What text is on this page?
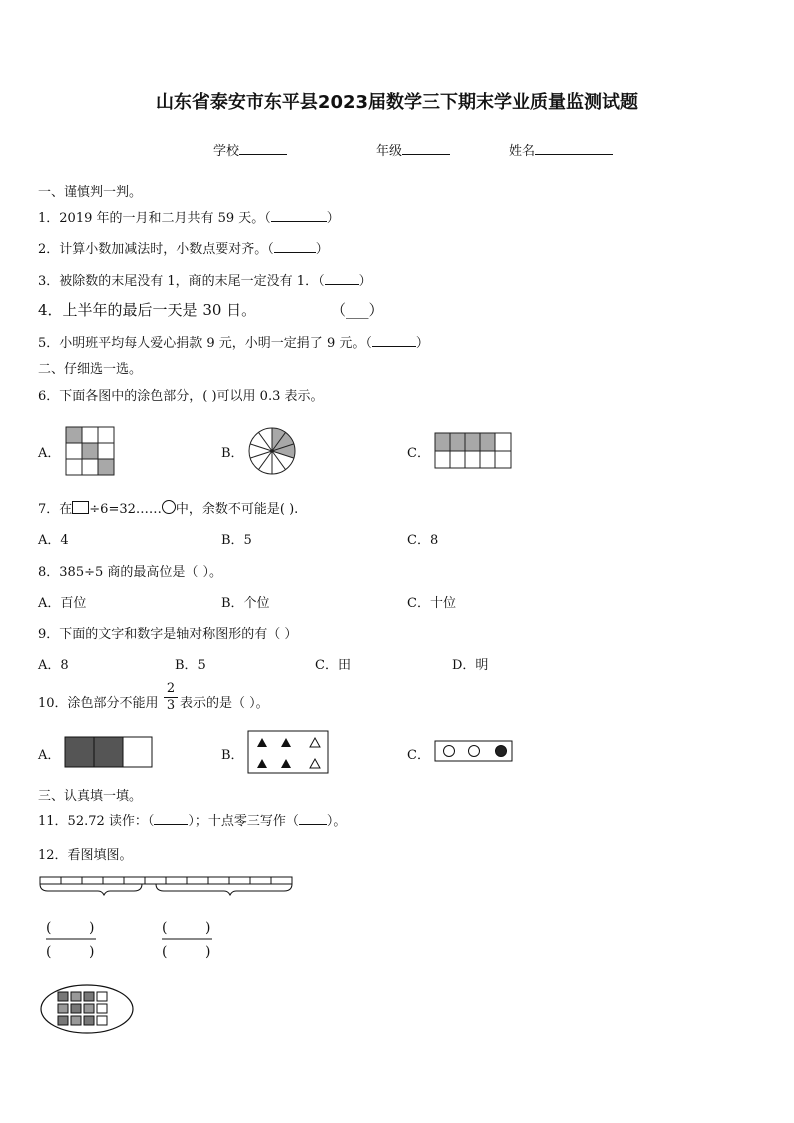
山东省泰安市东平县2023届数学三下期末学业质量监测试题
学校	年级	姓名
一、谨慎判一判。
1．2019 年的一月和二月共有 59 天。（	）
2．计算小数加减法时，小数点要对齐。（	）
3．被除数的末尾没有 1，商的末尾一定没有 1．（	）
4．上半年的最后一天是 30 日。	（___）
5．小明班平均每人爱心捐款 9 元，小明一定捐了 9 元。（	）
二、仔细选一选。
6．下面各图中的涂色部分，( )可以用 0.3 表示。
A．	B．	C．
7．在 ÷6=32…… 中，余数不可能是( ).
A．4	B．5	C．8
8．385÷5 商的最高位是（ ）。
A．百位	B．个位	C．十位
9．下面的文字和数字是轴对称图形的有（ ）
A．8	B．5	C．田	D．明
10．涂色部分不能用 $\frac{2}{3}$ 表示的是（ ）。
A．	B．	C．
三、认真填一填。
11．52.72 读作：（	）；十点零三写作（ ）。
12．看图填图。
(	)
(	)
(	)
(	)
